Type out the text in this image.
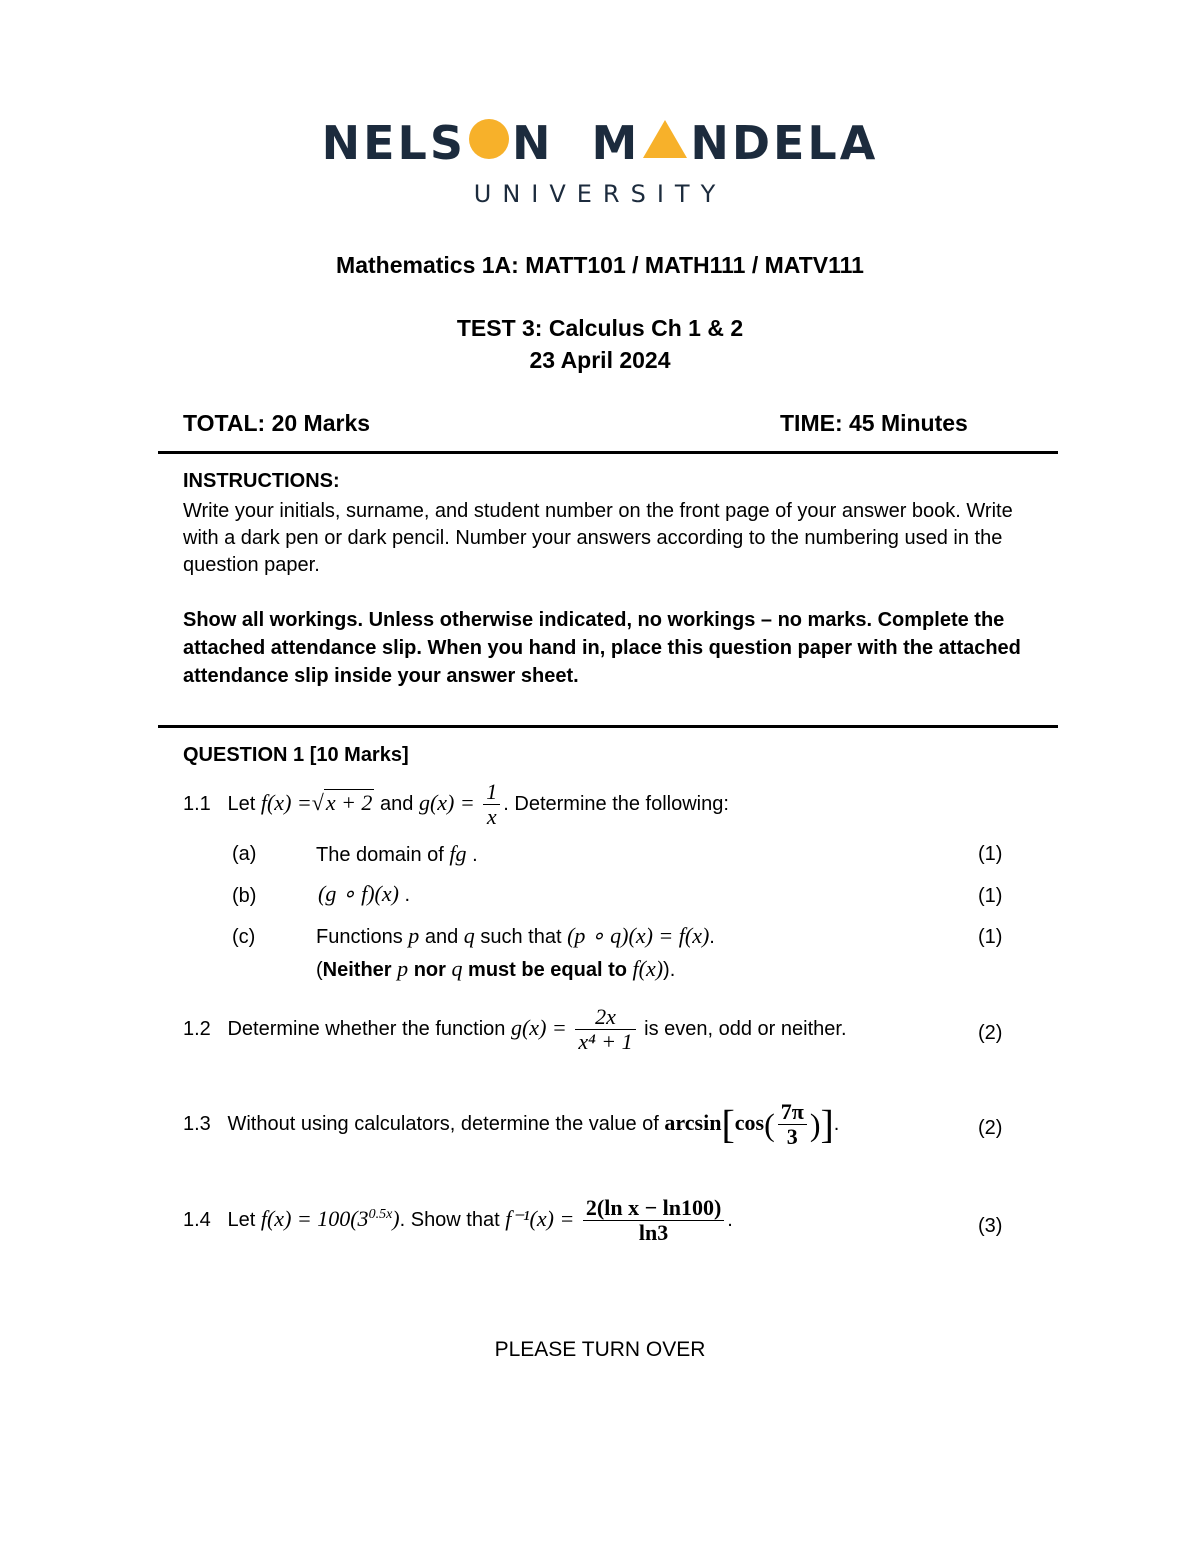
NELS N M NDELA
UNIVERSITY
Mathematics 1A: MATT101 / MATH111 / MATV111
TEST 3: Calculus Ch 1 & 2
23 April 2024
TOTAL: 20 Marks	TIME: 45 Minutes
INSTRUCTIONS:
Write your initials, surname, and student number on the front page of your answer book. Write with a dark pen or dark pencil. Number your answers according to the numbering used in the question paper.
Show all workings. Unless otherwise indicated, no workings – no marks. Complete the attached attendance slip. When you hand in, place this question paper with the attached attendance slip inside your answer sheet.
QUESTION 1 [10 Marks]
1.1 Let f(x) =√x + 2 and $g(x) = \frac{1}{x}$ . Determine the following:
(a)	The domain of fg .	(1)
(b)	(g ∘ f)(x) .	(1)
(c)	Functions p and q such that (p ∘ q)(x) = f(x).	(1)
(Neither p nor q must be equal to f(x)).
1.2 Determine whether the function $g(x) = \frac{2x}{\text{x⁴ + 1}}$ is even, odd or neither.	(2)
1.3 Without using calculators, determine the value of $\arcsin[\cos( \frac{7\pi}{3}$ )].	(2)
1.4 Let $f(x) = 100(3^{0.5x})$. Show that $f^{-1}(x) = \frac{\text{2(ln x − ln100)}}{\ln 3}$ .	(3)
PLEASE TURN OVER
